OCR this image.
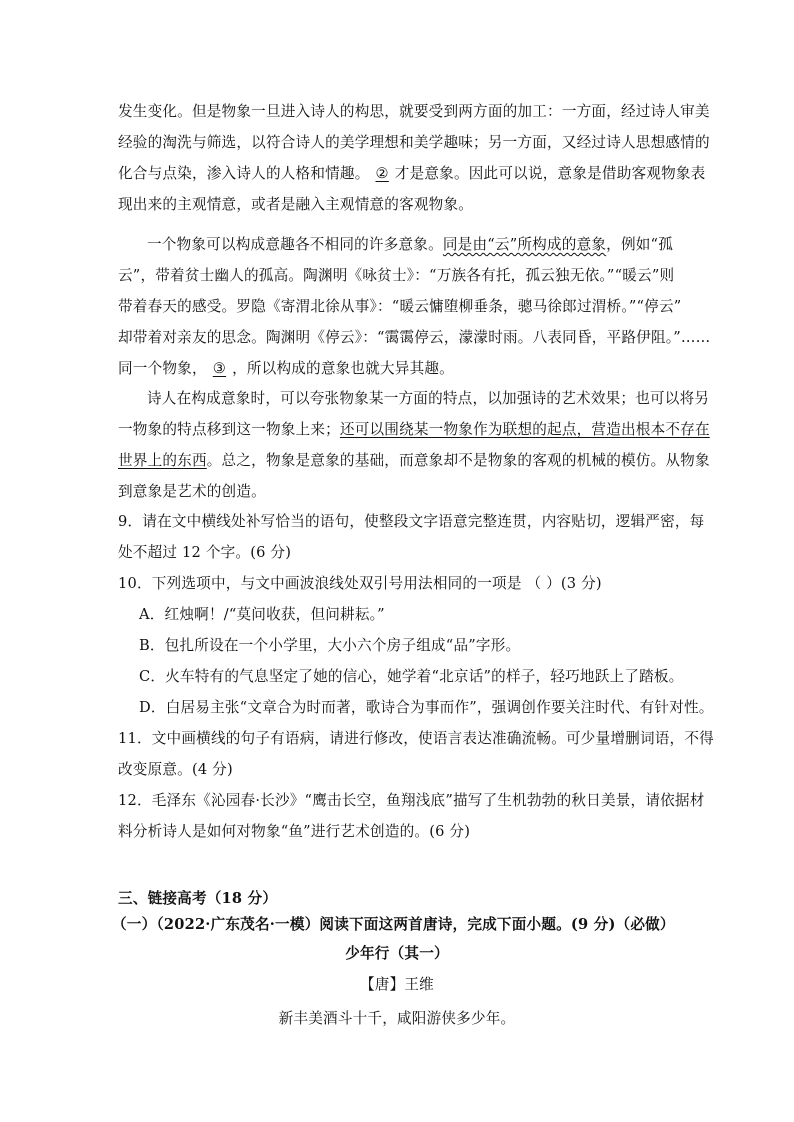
发生变化。但是物象一旦进入诗人的构思，就要受到两方面的加工：一方面，经过诗人审美
经验的淘洗与筛选，以符合诗人的美学理想和美学趣味；另一方面，又经过诗人思想感情的
化合与点染，渗入诗人的人格和情趣。 ② 才是意象。因此可以说，意象是借助客观物象表
现出来的主观情意，或者是融入主观情意的客观物象。
一个物象可以构成意趣各不相同的许多意象。同是由“云”所构成的意象，例如“孤
云”，带着贫士幽人的孤高。陶渊明《咏贫士》：“万族各有托，孤云独无依。”“暖云”则
带着春天的感受。罗隐《寄渭北徐从事》：“暖云慵堕柳垂条，骢马徐郎过渭桥。”“停云”
却带着对亲友的思念。陶渊明《停云》：“霭霭停云，濛濛时雨。八表同昏，平路伊阻。”……
同一个物象， ③ ，所以构成的意象也就大异其趣。
诗人在构成意象时，可以夸张物象某一方面的特点，以加强诗的艺术效果；也可以将另
一物象的特点移到这一物象上来；还可以围绕某一物象作为联想的起点，营造出根本不存在
世界上的东西。总之，物象是意象的基础，而意象却不是物象的客观的机械的模仿。从物象
到意象是艺术的创造。
9．请在文中横线处补写恰当的语句，使整段文字语意完整连贯，内容贴切，逻辑严密，每
处不超过 12 个字。(6 分)
10．下列选项中，与文中画波浪线处双引号用法相同的一项是 （ ）(3 分)
A．红烛啊！/“莫问收获，但问耕耘。”
B．包扎所设在一个小学里，大小六个房子组成“品”字形。
C．火车特有的气息坚定了她的信心，她学着“北京话”的样子，轻巧地跃上了踏板。
D．白居易主张“文章合为时而著，歌诗合为事而作”，强调创作要关注时代、有针对性。
11．文中画横线的句子有语病，请进行修改，使语言表达准确流畅。可少量增删词语，不得
改变原意。(4 分)
12．毛泽东《沁园春·长沙》“鹰击长空，鱼翔浅底”描写了生机勃勃的秋日美景，请依据材
料分析诗人是如何对物象“鱼”进行艺术创造的。(6 分)
三、链接高考（18 分）
（一）（2022·广东茂名·一模）阅读下面这两首唐诗，完成下面小题。(9 分)（必做）
少年行（其一）
【唐】王维
新丰美酒斗十千，咸阳游侠多少年。
